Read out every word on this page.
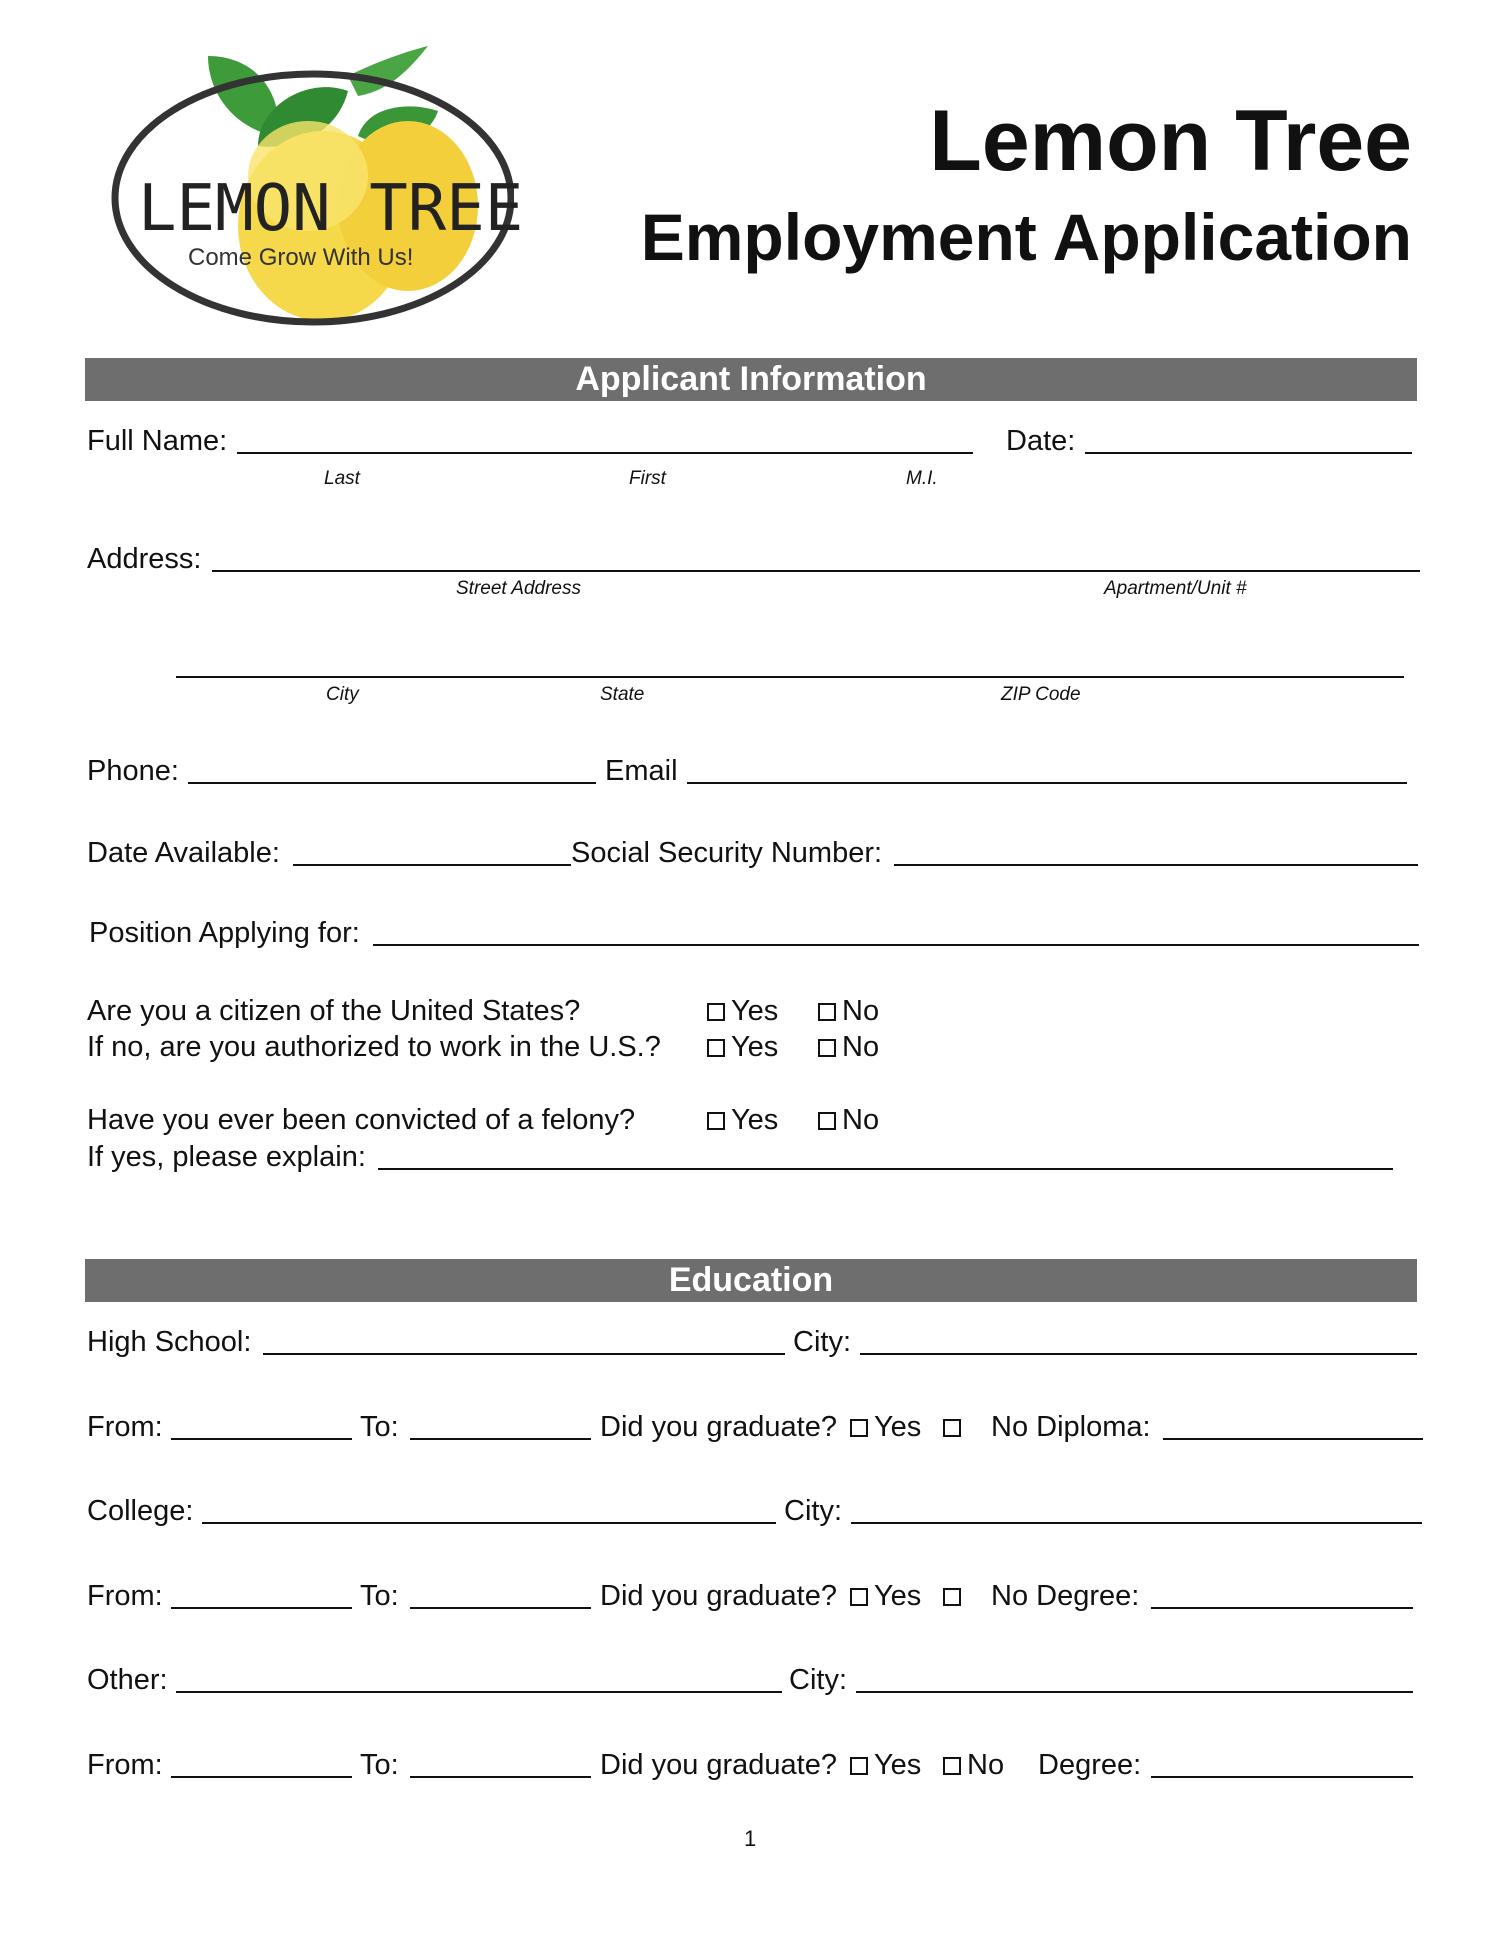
LEMON TREE
Come Grow With Us!
Lemon Tree
Employment Application
Applicant Information
Full Name:	Date:
Last	First	M.I.
Address:
Street Address	Apartment/Unit #
City	State	ZIP Code
Phone:	Email
Date Available:	Social Security Number:
Position Applying for:
Are you a citizen of the United States?	Yes	No
If no, are you authorized to work in the U.S.?	Yes	No
Have you ever been convicted of a felony?	Yes	No
If yes, please explain:
Education
High School:	City:
From:	To:	Did you graduate?	Yes No Diploma:
College:	City:
From:	To:	Did you graduate?	Yes No Degree:
Other:	City:
From:	To:	Did you graduate?	Yes	No Degree:
1
